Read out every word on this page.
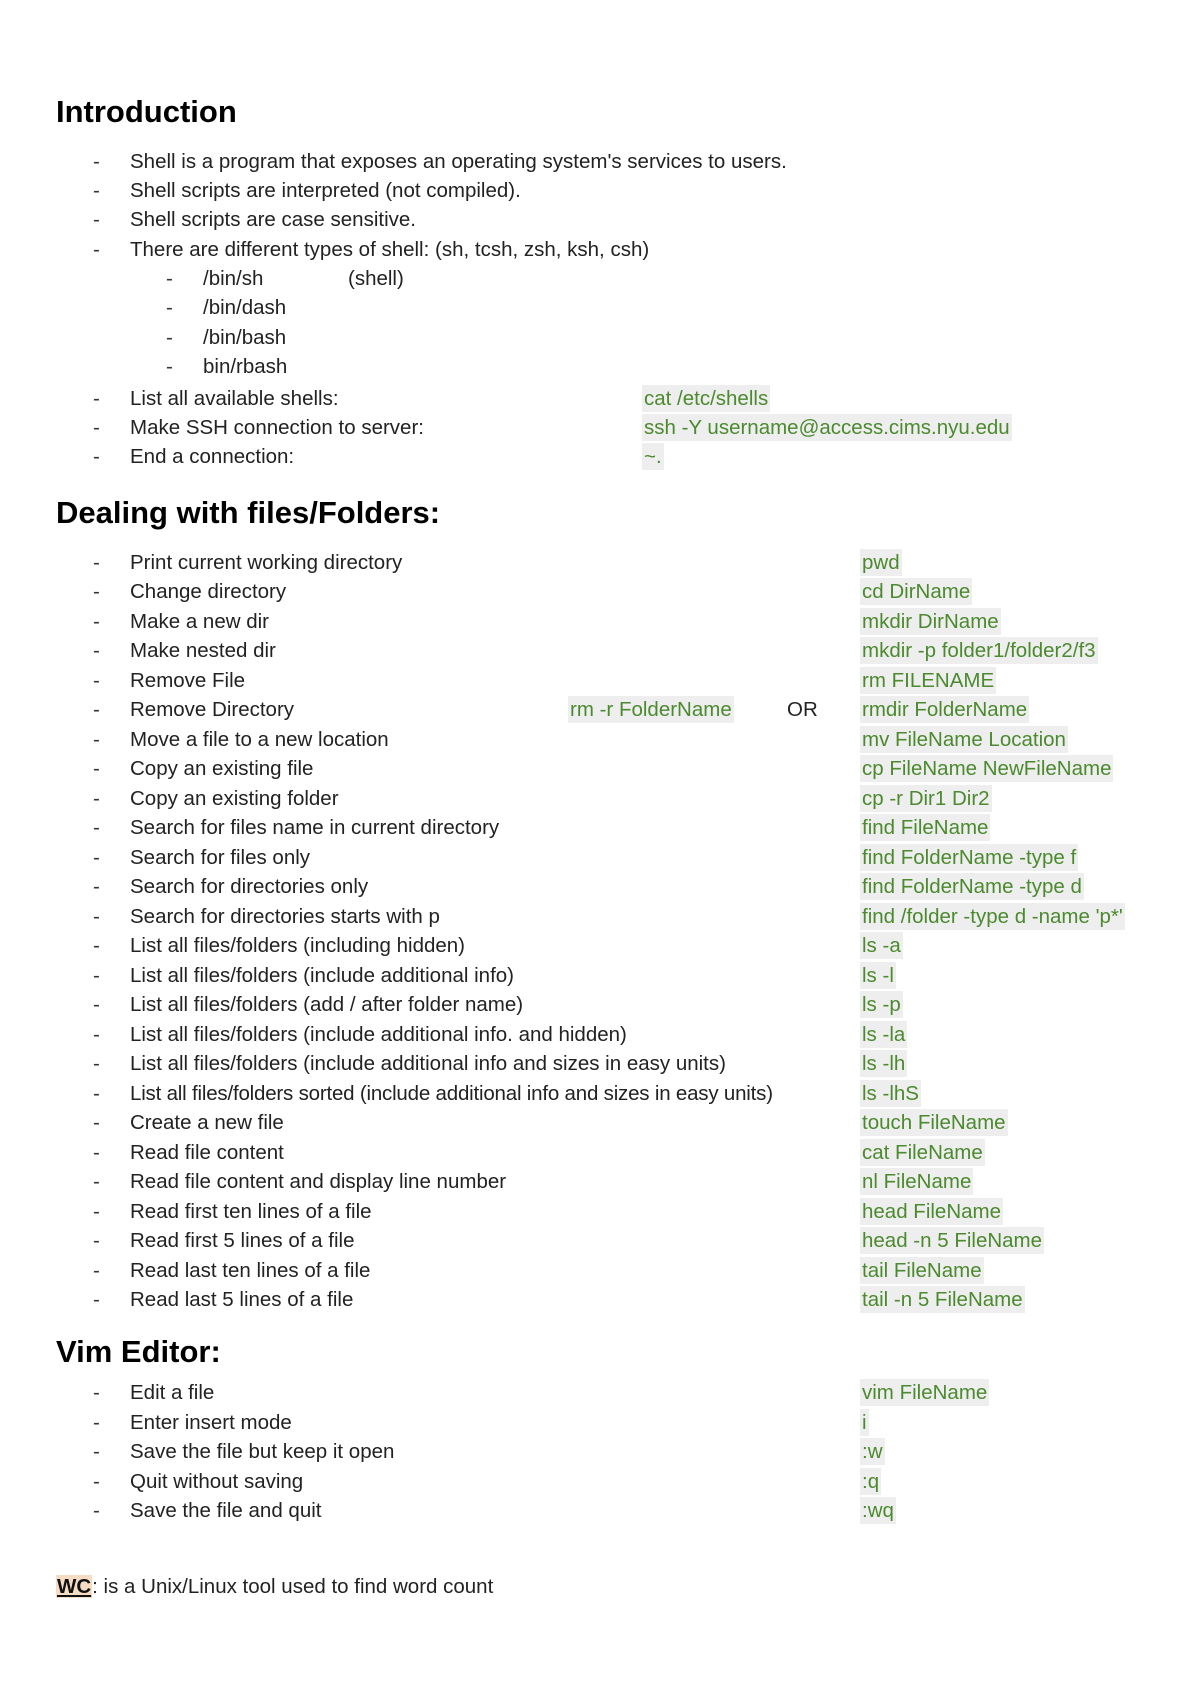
Introduction
- Shell is a program that exposes an operating system's services to users.
- Shell scripts are interpreted (not compiled).
- Shell scripts are case sensitive.
- There are different types of shell: (sh, tcsh, zsh, ksh, csh)
- /bin/sh	(shell)
- /bin/dash
- /bin/bash
- bin/rbash
- List all available shells:	cat /etc/shells
- Make SSH connection to server:	ssh -Y username@access.cims.nyu.edu
- End a connection:	~.
Dealing with files/Folders:
- Print current working directory	pwd
- Change directory	cd DirName
- Make a new dir	mkdir DirName
- Make nested dir	mkdir -p folder1/folder2/f3
- Remove File	rm FILENAME
- Remove Directory	rm -r FolderName	OR rmdir FolderName
- Move a file to a new location	mv FileName Location
- Copy an existing file	cp FileName NewFileName
- Copy an existing folder	cp -r Dir1 Dir2
- Search for files name in current directory	find FileName
- Search for files only	find FolderName -type f
- Search for directories only	find FolderName -type d
- Search for directories starts with p	find /folder -type d -name 'p*'
- List all files/folders (including hidden)	ls -a
- List all files/folders (include additional info)	ls -l
- List all files/folders (add / after folder name)	ls -p
- List all files/folders (include additional info. and hidden)	ls -la
- List all files/folders (include additional info and sizes in easy units)	ls -lh
- List all files/folders sorted (include additional info and sizes in easy units)	ls -lhS
- Create a new file	touch FileName
- Read file content	cat FileName
- Read file content and display line number	nl FileName
- Read first ten lines of a file	head FileName
- Read first 5 lines of a file	head -n 5 FileName
- Read last ten lines of a file	tail FileName
- Read last 5 lines of a file	tail -n 5 FileName
Vim Editor:
- Edit a file	vim FileName
- Enter insert mode	i
- Save the file but keep it open	:w
- Quit without saving	:q
- Save the file and quit	:wq
WC: is a Unix/Linux tool used to find word count
